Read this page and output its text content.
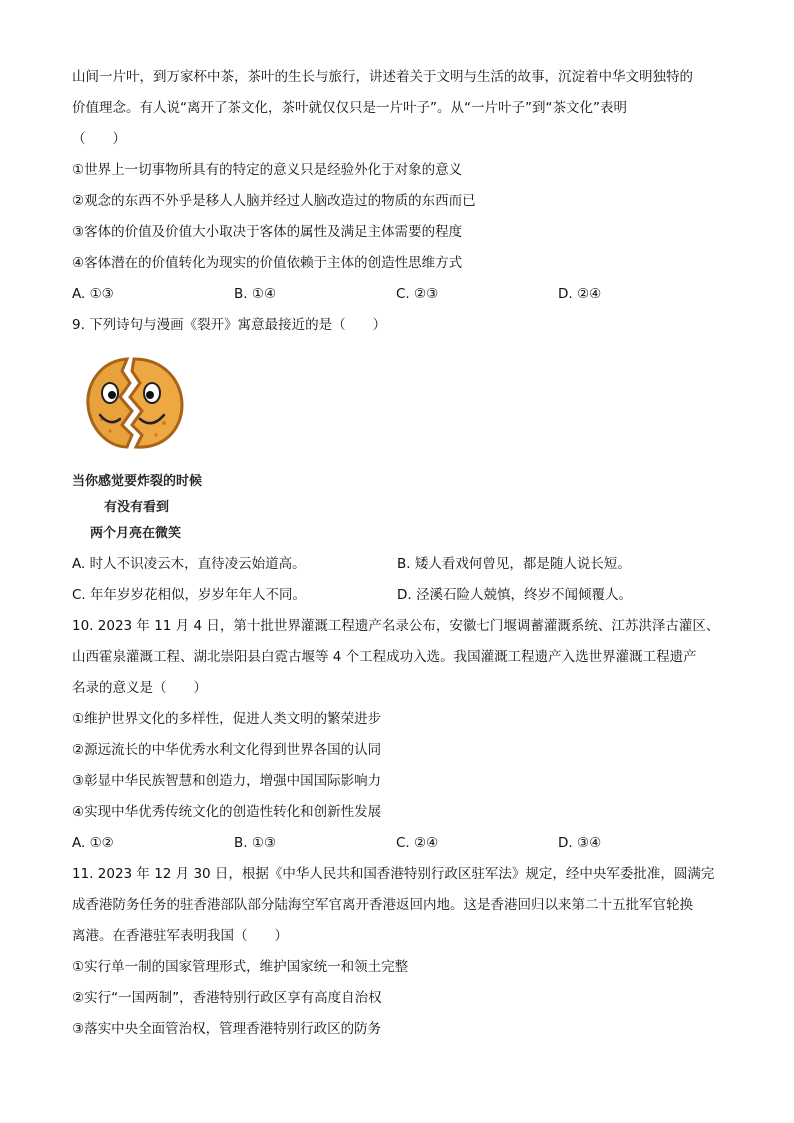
山间一片叶，到万家杯中茶，茶叶的生长与旅行，讲述着关于文明与生活的故事，沉淀着中华文明独特的
价值理念。有人说“离开了茶文化，茶叶就仅仅只是一片叶子”。从“一片叶子”到“茶文化”表明
（　　）
①世界上一切事物所具有的特定的意义只是经验外化于对象的意义
②观念的东西不外乎是移人人脑并经过人脑改造过的物质的东西而已
③客体的价值及价值大小取决于客体的属性及满足主体需要的程度
④客体潜在的价值转化为现实的价值依赖于主体的创造性思维方式
A. ①③	B. ①④	C. ②③	D. ②④
9. 下列诗句与漫画《裂开》寓意最接近的是（　　）
当你感觉要炸裂的时候
有没有看到
两个月亮在微笑
A. 时人不识凌云木，直待凌云始道高。	B. 矮人看戏何曾见，都是随人说长短。
C. 年年岁岁花相似，岁岁年年人不同。	D. 泾溪石险人兢慎，终岁不闻倾覆人。
10. 2023 年 11 月 4 日，第十批世界灌溉工程遗产名录公布，安徽七门堰调蓄灌溉系统、江苏洪泽古灌区、
山西霍泉灌溉工程、湖北崇阳县白霓古堰等 4 个工程成功入选。我国灌溉工程遗产入选世界灌溉工程遗产
名录的意义是（　　）
①维护世界文化的多样性，促进人类文明的繁荣进步
②源远流长的中华优秀水利文化得到世界各国的认同
③彰显中华民族智慧和创造力，增强中国国际影响力
④实现中华优秀传统文化的创造性转化和创新性发展
A. ①②	B. ①③	C. ②④	D. ③④
11. 2023 年 12 月 30 日，根据《中华人民共和国香港特别行政区驻军法》规定，经中央军委批准，圆满完
成香港防务任务的驻香港部队部分陆海空军官离开香港返回内地。这是香港回归以来第二十五批军官轮换
离港。在香港驻军表明我国（　　）
①实行单一制的国家管理形式，维护国家统一和领土完整
②实行“一国两制”，香港特别行政区享有高度自治权
③落实中央全面管治权，管理香港特别行政区的防务
